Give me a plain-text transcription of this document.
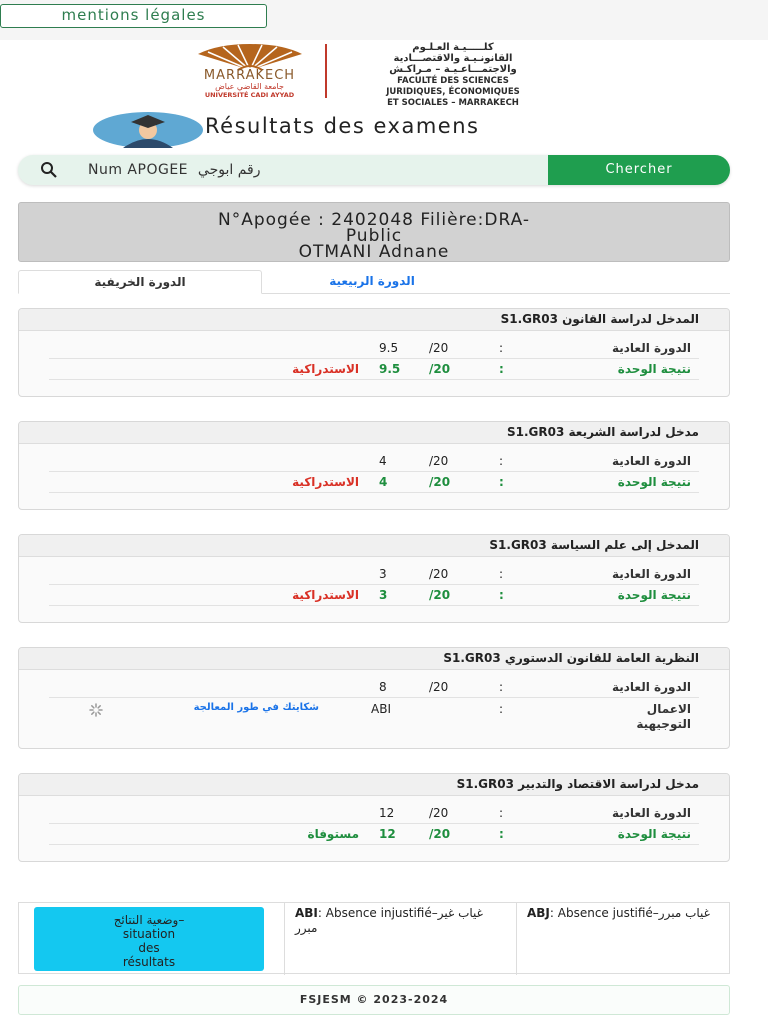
mentions légales
MARRAKECH
جامعة القاضي عياض
UNIVERSITÉ CADI AYYAD
كلـــــيـة العـلـوم
القانونـيـة والاقتصـــادية
والاجتمـــاعـيـة – مـراكـش
FACULTÉ DES SCIENCES
JURIDIQUES, ÉCONOMIQUES
ET SOCIALES – MARRAKECH
Résultats des examens
Num APOGEE رقم ابوجي
Chercher
N°Apogée : 2402048 Filière:DRA-
Public
OTMANI Adnane
الدورة الخريفية	الدورة الربيعية
المدخل لدراسة القانون S1.GR03
الدورة العادية
:
/20
9.5
نتيجة الوحدة
:
/20
9.5
الاستدراكية
مدخل لدراسة الشريعة S1.GR03
الدورة العادية
:
/20
4
نتيجة الوحدة
:
/20
4
الاستدراكية
المدخل إلى علم السياسة S1.GR03
الدورة العادية
:
/20
3
نتيجة الوحدة
:
/20
3
الاستدراكية
النظرية العامة للقانون الدستوري S1.GR03
الدورة العادية
:
/20
8
الاعمال التوجيهية
:
ABI
شكايتك في طور المعالجة
مدخل لدراسة الاقتصاد والتدبير S1.GR03
الدورة العادية
:
/20
12
نتيجة الوحدة
:
/20
12
مستوفاة
وضعية النتائج–
situation
des
résultats
ABI: Absence injustifié–غياب غير مبرر
ABJ: Absence justifié–غياب مبرر
FSJESM © 2023-2024
